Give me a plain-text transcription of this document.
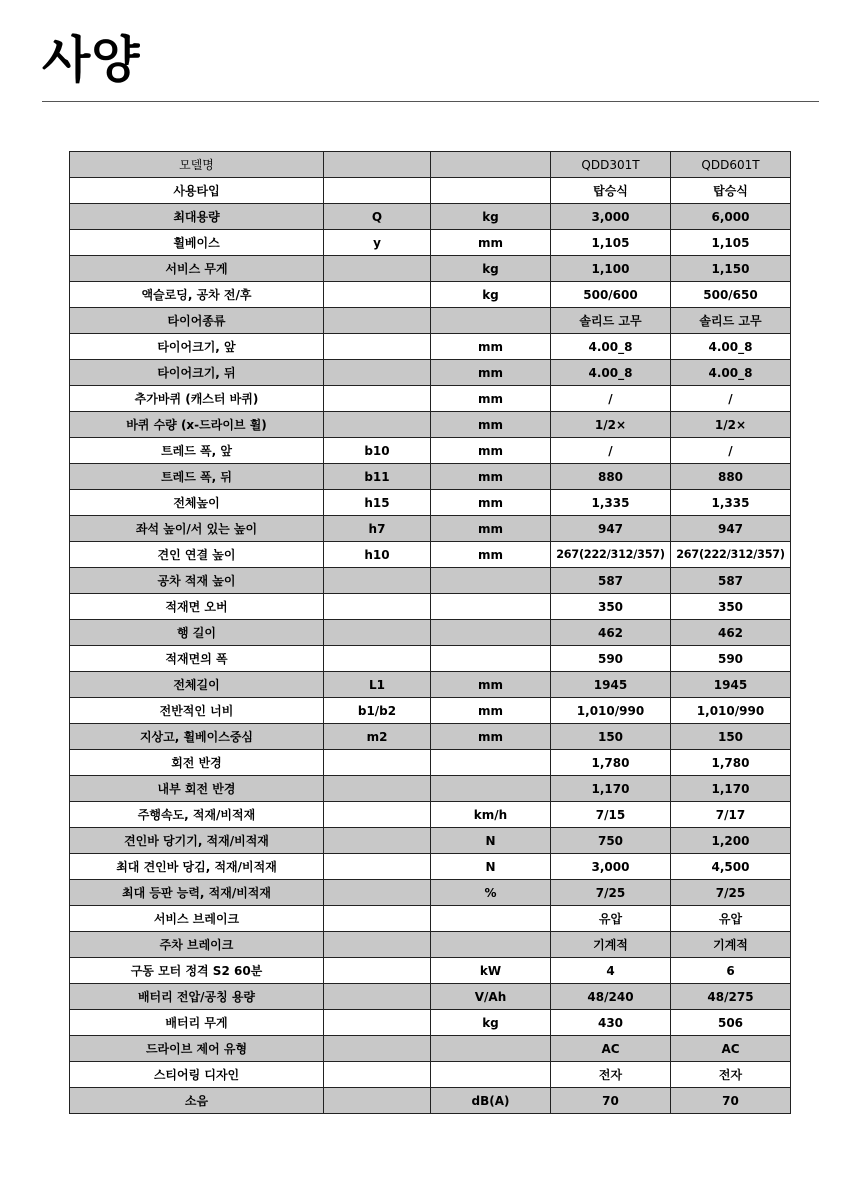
사양
모델명			QDD301T	QDD601T
사용타입			탑승식	탑승식
최대용량	Q	kg	3,000	6,000
휠베이스	y	mm	1,105	1,105
서비스 무게		kg	1,100	1,150
액슬로딩, 공차 전/후		kg	500/600	500/650
타이어종류			솔리드 고무	솔리드 고무
타이어크기, 앞		mm	4.00_8	4.00_8
타이어크기, 뒤		mm	4.00_8	4.00_8
추가바퀴 (캐스터 바퀴)		mm	/	/
바퀴 수량 (x-드라이브 휠)		mm	1/2×	1/2×
트레드 폭, 앞	b10	mm	/	/
트레드 폭, 뒤	b11	mm	880	880
전체높이	h15	mm	1,335	1,335
좌석 높이/서 있는 높이	h7	mm	947	947
견인 연결 높이	h10	mm	267(222/312/357)	267(222/312/357)
공차 적재 높이			587	587
적재면 오버			350	350
행 길이			462	462
적재면의 폭			590	590
전체길이	L1	mm	1945	1945
전반적인 너비	b1/b2	mm	1,010/990	1,010/990
지상고, 휠베이스중심	m2	mm	150	150
회전 반경			1,780	1,780
내부 회전 반경			1,170	1,170
주행속도, 적재/비적재		km/h	7/15	7/17
견인바 당기기, 적재/비적재		N	750	1,200
최대 견인바 당김, 적재/비적재		N	3,000	4,500
최대 등판 능력, 적재/비적재		%	7/25	7/25
서비스 브레이크			유압	유압
주차 브레이크			기계적	기계적
구동 모터 정격 S2 60분		kW	4	6
배터리 전압/공칭 용량		V/Ah	48/240	48/275
배터리 무게		kg	430	506
드라이브 제어 유형			AC	AC
스티어링 디자인			전자	전자
소음		dB(A)	70	70
